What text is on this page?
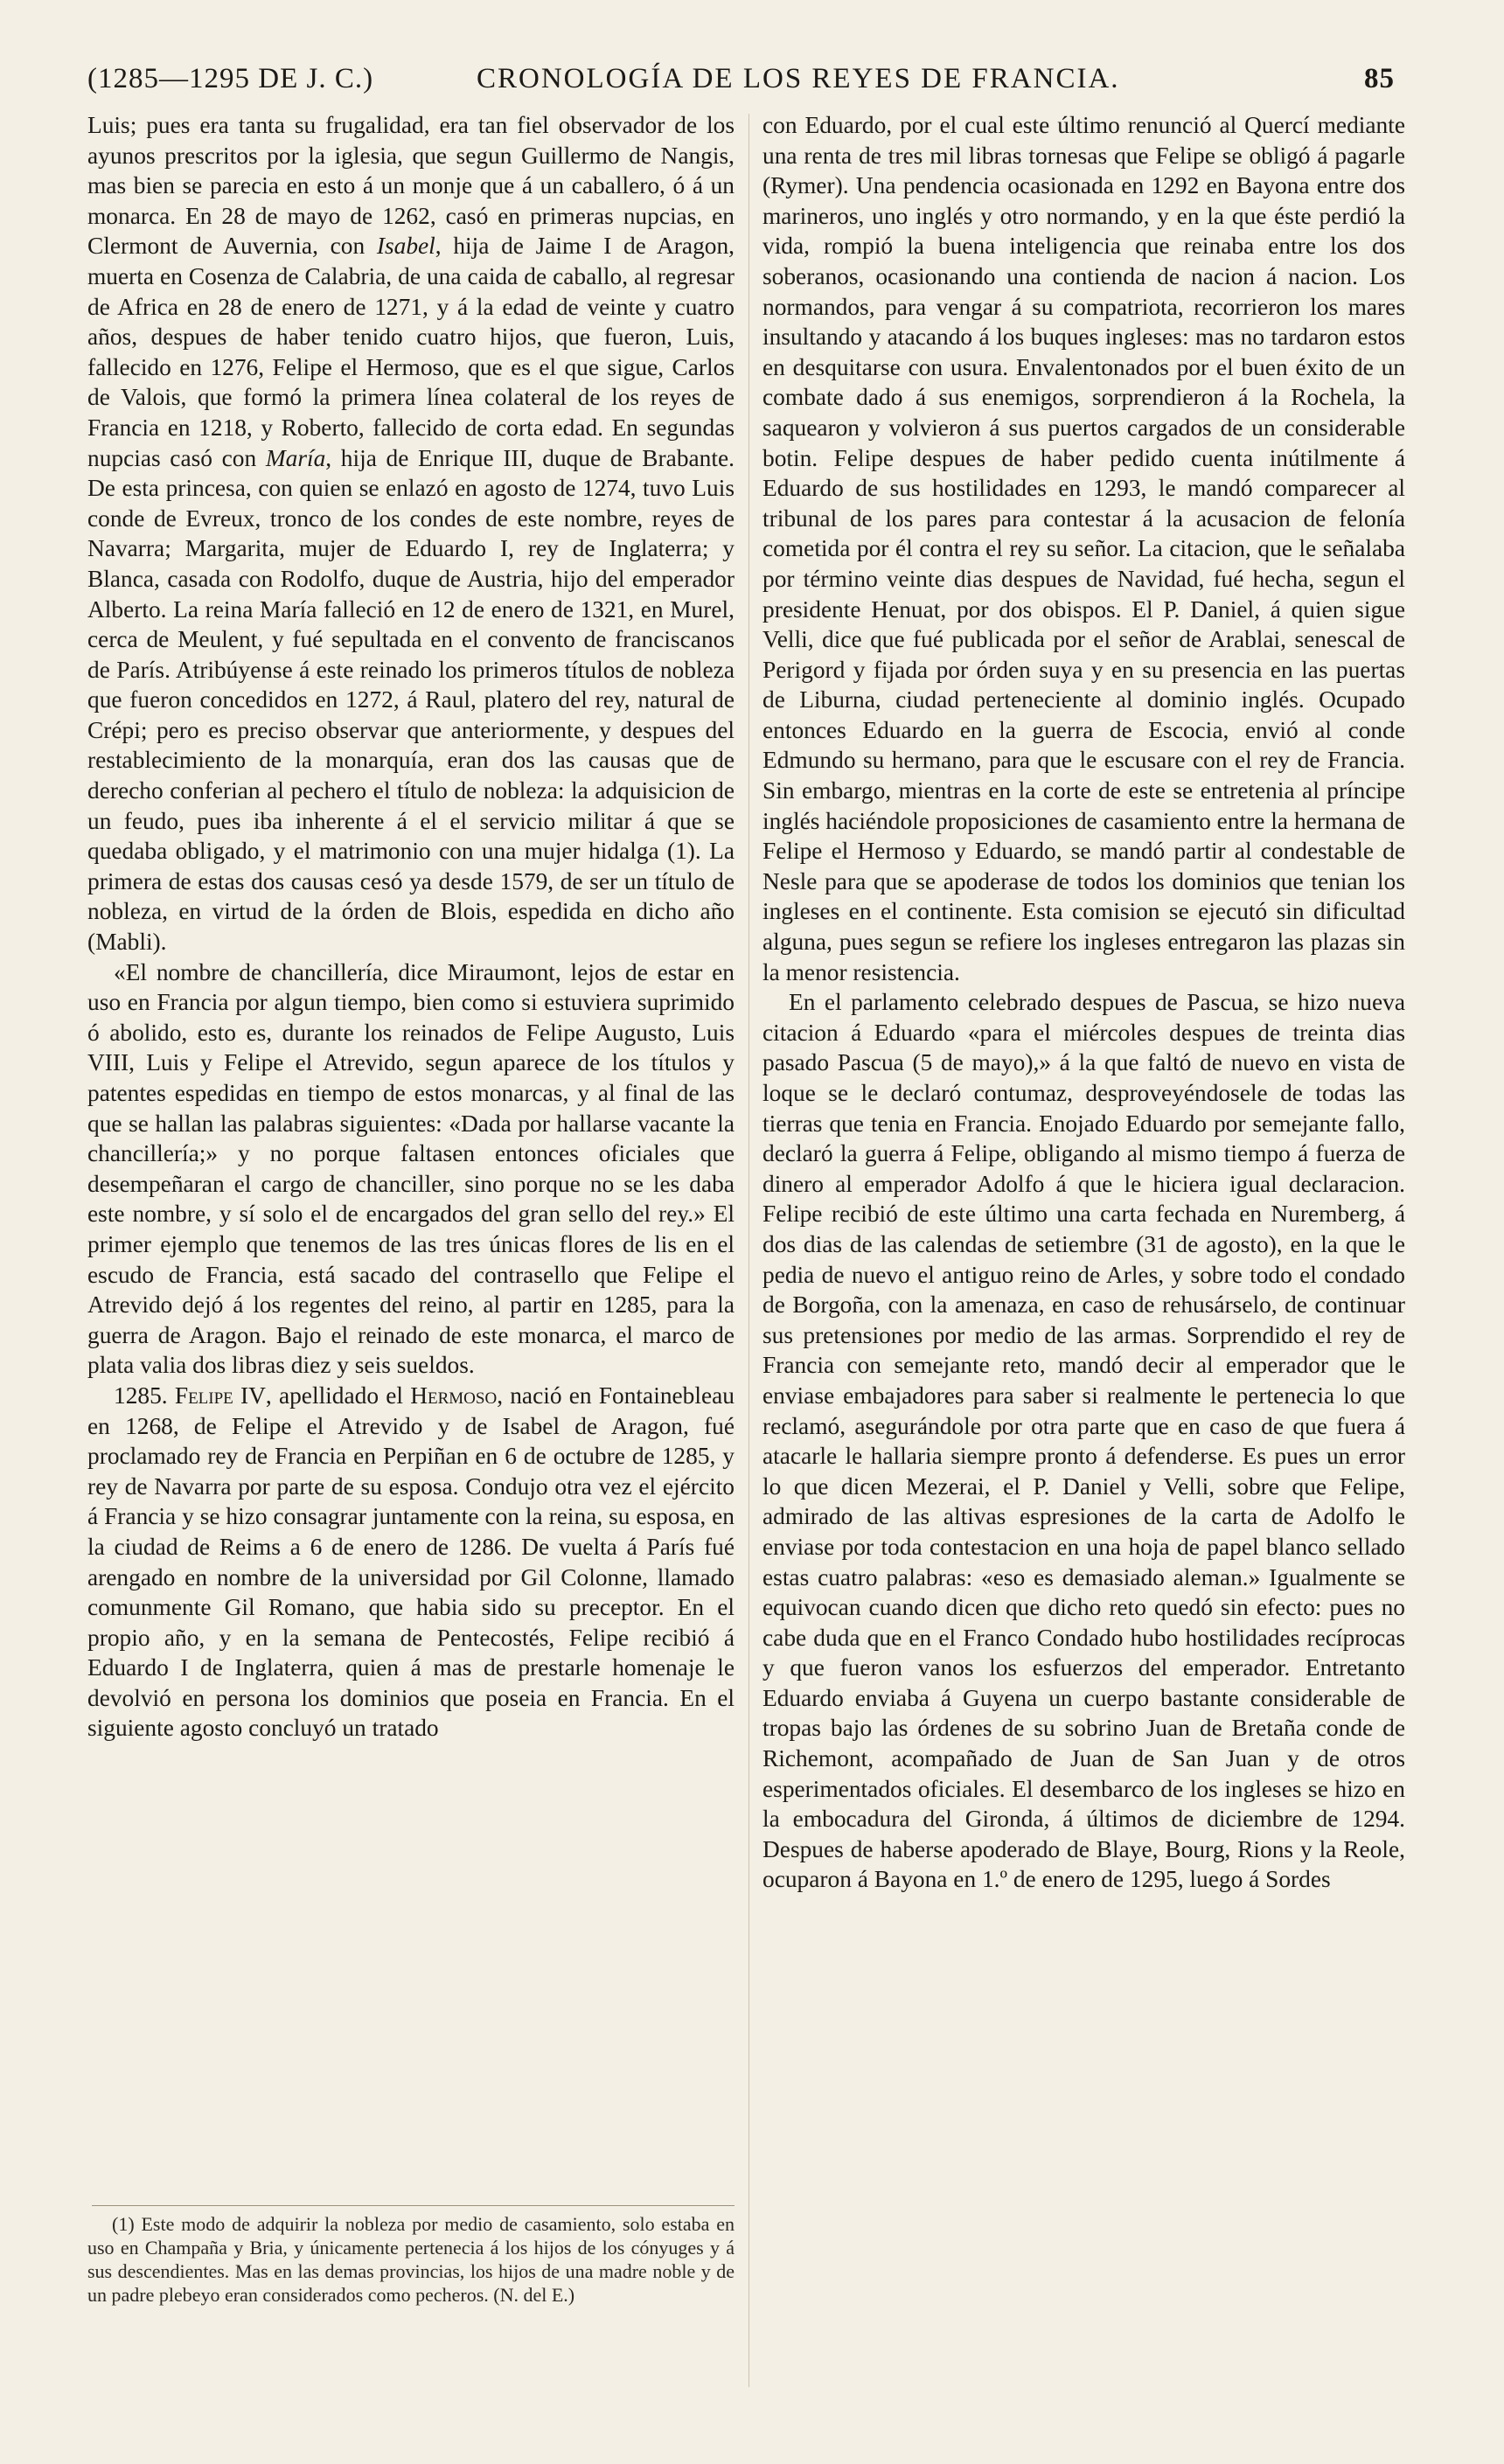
(1285—1295 DE J. C.)	CRONOLOGÍA DE LOS REYES DE FRANCIA.	85

Luis; pues era tanta su frugalidad, era tan fiel observador de los ayunos prescritos por la iglesia, que segun Guillermo de Nangis, mas bien se parecia en esto á un monje que á un caballero, ó á un monarca. En 28 de mayo de 1262, casó en primeras nupcias, en Clermont de Auvernia, con Isabel, hija de Jaime I de Aragon, muerta en Cosenza de Calabria, de una caida de caballo, al regresar de Africa en 28 de enero de 1271, y á la edad de veinte y cuatro años, despues de haber tenido cuatro hijos, que fueron, Luis, fallecido en 1276, Felipe el Hermoso, que es el que sigue, Carlos de Valois, que formó la primera línea colateral de los reyes de Francia en 1218, y Roberto, fallecido de corta edad. En segundas nupcias casó con María, hija de Enrique III, duque de Brabante. De esta princesa, con quien se enlazó en agosto de 1274, tuvo Luis conde de Evreux, tronco de los condes de este nombre, reyes de Navarra; Margarita, mujer de Eduardo I, rey de Inglaterra; y Blanca, casada con Rodolfo, duque de Austria, hijo del emperador Alberto. La reina María falleció en 12 de enero de 1321, en Murel, cerca de Meulent, y fué sepultada en el convento de franciscanos de París. Atribúyense á este reinado los primeros títulos de nobleza que fueron concedidos en 1272, á Raul, platero del rey, natural de Crépi; pero es preciso observar que anteriormente, y despues del restablecimiento de la monarquía, eran dos las causas que de derecho conferian al pechero el título de nobleza: la adquisicion de un feudo, pues iba inherente á el el servicio militar á que se quedaba obligado, y el matrimonio con una mujer hidalga (1). La primera de estas dos causas cesó ya desde 1579, de ser un título de nobleza, en virtud de la órden de Blois, espedida en dicho año (Mabli).

«El nombre de chancillería, dice Miraumont, lejos de estar en uso en Francia por algun tiempo, bien como si estuviera suprimido ó abolido, esto es, durante los reinados de Felipe Augusto, Luis VIII, Luis y Felipe el Atrevido, segun aparece de los títulos y patentes espedidas en tiempo de estos monarcas, y al final de las que se hallan las palabras siguientes: «Dada por hallarse vacante la chancillería;» y no porque faltasen entonces oficiales que desempeñaran el cargo de chanciller, sino porque no se les daba este nombre, y sí solo el de encargados del gran sello del rey.» El primer ejemplo que tenemos de las tres únicas flores de lis en el escudo de Francia, está sacado del contrasello que Felipe el Atrevido dejó á los regentes del reino, al partir en 1285, para la guerra de Aragon. Bajo el reinado de este monarca, el marco de plata valia dos libras diez y seis sueldos.

1285. Felipe IV, apellidado el Hermoso, nació en Fontainebleau en 1268, de Felipe el Atrevido y de Isabel de Aragon, fué proclamado rey de Francia en Perpiñan en 6 de octubre de 1285, y rey de Navarra por parte de su esposa. Condujo otra vez el ejército á Francia y se hizo consagrar juntamente con la reina, su esposa, en la ciudad de Reims a 6 de enero de 1286. De vuelta á París fué arengado en nombre de la universidad por Gil Colonne, llamado comunmente Gil Romano, que habia sido su preceptor. En el propio año, y en la semana de Pentecostés, Felipe recibió á Eduardo I de Inglaterra, quien á mas de prestarle homenaje le devolvió en persona los dominios que poseia en Francia. En el siguiente agosto concluyó un tratado

con Eduardo, por el cual este último renunció al Quercí mediante una renta de tres mil libras tornesas que Felipe se obligó á pagarle (Rymer). Una pendencia ocasionada en 1292 en Bayona entre dos marineros, uno inglés y otro normando, y en la que éste perdió la vida, rompió la buena inteligencia que reinaba entre los dos soberanos, ocasionando una contienda de nacion á nacion. Los normandos, para vengar á su compatriota, recorrieron los mares insultando y atacando á los buques ingleses: mas no tardaron estos en desquitarse con usura. Envalentonados por el buen éxito de un combate dado á sus enemigos, sorprendieron á la Rochela, la saquearon y volvieron á sus puertos cargados de un considerable botin. Felipe despues de haber pedido cuenta inútilmente á Eduardo de sus hostilidades en 1293, le mandó comparecer al tribunal de los pares para contestar á la acusacion de felonía cometida por él contra el rey su señor. La citacion, que le señalaba por término veinte dias despues de Navidad, fué hecha, segun el presidente Henuat, por dos obispos. El P. Daniel, á quien sigue Velli, dice que fué publicada por el señor de Arablai, senescal de Perigord y fijada por órden suya y en su presencia en las puertas de Liburna, ciudad perteneciente al dominio inglés. Ocupado entonces Eduardo en la guerra de Escocia, envió al conde Edmundo su hermano, para que le escusare con el rey de Francia. Sin embargo, mientras en la corte de este se entretenia al príncipe inglés haciéndole proposiciones de casamiento entre la hermana de Felipe el Hermoso y Eduardo, se mandó partir al condestable de Nesle para que se apoderase de todos los dominios que tenian los ingleses en el continente. Esta comision se ejecutó sin dificultad alguna, pues segun se refiere los ingleses entregaron las plazas sin la menor resistencia.

En el parlamento celebrado despues de Pascua, se hizo nueva citacion á Eduardo «para el miércoles despues de treinta dias pasado Pascua (5 de mayo),» á la que faltó de nuevo en vista de loque se le declaró contumaz, desproveyéndosele de todas las tierras que tenia en Francia. Enojado Eduardo por semejante fallo, declaró la guerra á Felipe, obligando al mismo tiempo á fuerza de dinero al emperador Adolfo á que le hiciera igual declaracion. Felipe recibió de este último una carta fechada en Nuremberg, á dos dias de las calendas de setiembre (31 de agosto), en la que le pedia de nuevo el antiguo reino de Arles, y sobre todo el condado de Borgoña, con la amenaza, en caso de rehusárselo, de continuar sus pretensiones por medio de las armas. Sorprendido el rey de Francia con semejante reto, mandó decir al emperador que le enviase embajadores para saber si realmente le pertenecia lo que reclamó, asegurándole por otra parte que en caso de que fuera á atacarle le hallaria siempre pronto á defenderse. Es pues un error lo que dicen Mezerai, el P. Daniel y Velli, sobre que Felipe, admirado de las altivas espresiones de la carta de Adolfo le enviase por toda contestacion en una hoja de papel blanco sellado estas cuatro palabras: «eso es demasiado aleman.» Igualmente se equivocan cuando dicen que dicho reto quedó sin efecto: pues no cabe duda que en el Franco Condado hubo hostilidades recíprocas y que fueron vanos los esfuerzos del emperador. Entretanto Eduardo enviaba á Guyena un cuerpo bastante considerable de tropas bajo las órdenes de su sobrino Juan de Bretaña conde de Richemont, acompañado de Juan de San Juan y de otros esperimentados oficiales. El desembarco de los ingleses se hizo en la embocadura del Gironda, á últimos de diciembre de 1294. Despues de haberse apoderado de Blaye, Bourg, Rions y la Reole, ocuparon á Bayona en 1.º de enero de 1295, luego á Sordes

(1) Este modo de adquirir la nobleza por medio de casamiento, solo estaba en uso en Champaña y Bria, y únicamente pertenecia á los hijos de los cónyuges y á sus descendientes. Mas en las demas provincias, los hijos de una madre noble y de un padre plebeyo eran considerados como pecheros. (N. del E.)
